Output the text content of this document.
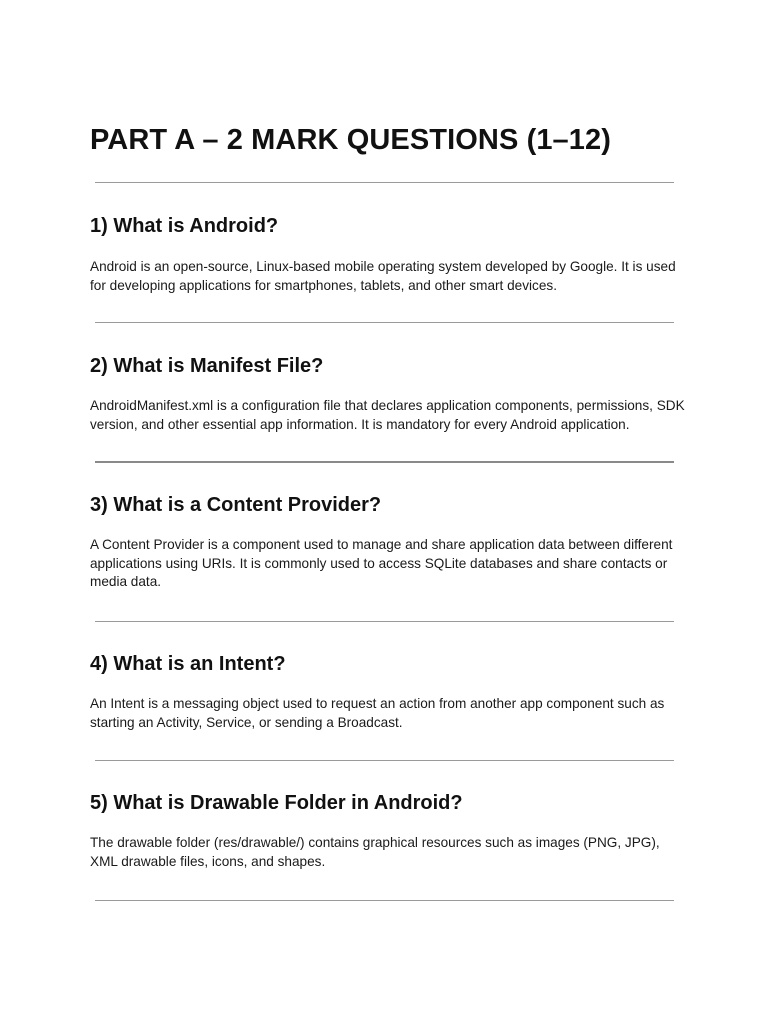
PART A – 2 MARK QUESTIONS (1–12)
1) What is Android?

Android is an open-source, Linux-based mobile operating system developed by Google. It is used for developing applications for smartphones, tablets, and other smart devices.

2) What is Manifest File?

AndroidManifest.xml is a configuration file that declares application components, permissions, SDK version, and other essential app information. It is mandatory for every Android application.

3) What is a Content Provider?

A Content Provider is a component used to manage and share application data between different applications using URIs. It is commonly used to access SQLite databases and share contacts or media data.

4) What is an Intent?

An Intent is a messaging object used to request an action from another app component such as starting an Activity, Service, or sending a Broadcast.

5) What is Drawable Folder in Android?

The drawable folder (res/drawable/) contains graphical resources such as images (PNG, JPG), XML drawable files, icons, and shapes.
